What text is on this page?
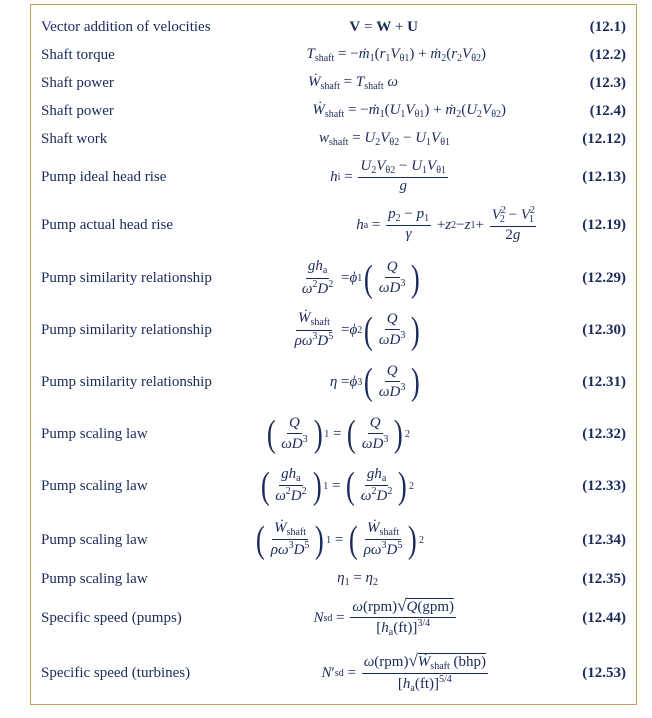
Vector addition of velocities	V = W + U	(12.1)
Shaft torque	$T_{shaft}$ = $-ṁ_1(r_1V_{\theta 1})$ + $ṁ_2(r_2V_{\theta 2})$	(12.2)
Shaft power	Ẇ$_{shaft}$ = $T_{shaft}$ ω	(12.3)
Shaft power	Ẇ$_{shaft}$ = $-ṁ_1(U_1V_{\theta 1})$ + $ṁ_2(U_2V_{\theta 2})$	(12.4)
Shaft work	$w_{shaft} = U_2V_{\theta 2} - U_1V_{\theta 1}$	(12.12)
Pump ideal head rise	h $i = \frac{U_2V_{\theta 2} - U_1V_{\theta 1}}{g}$	(12.13)
Pump actual head rise	h $a = \frac{p_2 - p_1}{\gamma} + z$ 2 − z $1 + \frac{V^2_2 - V^2_1}{2g}$	(12.19)
Pump similarity relationship	$\frac{gh_a}{\omega^2D^2} = \phi$ 1 ( $\frac{Q}{\omega D^3}$ )	(12.29)
Pump similarity relationship	$\frac{Ẇ_{shaft}}{\rho\omega^3D^5} = \phi$ 2 ( $\frac{Q}{\omega D^3}$ )	(12.30)
Pump similarity relationship	η = ϕ 3 ( $\frac{Q}{\omega D^3}$ )	(12.31)
Pump scaling law	( $\frac{Q}{\omega D^3}$ ) 1 = ( $\frac{Q}{\omega D^3}$ ) 2	(12.32)
Pump scaling law	( $\frac{gh_a}{\omega^2D^2}$ ) 1 = ( $\frac{gh_a}{\omega^2D^2}$ ) 2	(12.33)
Pump scaling law	( $\frac{Ẇ_{shaft}}{\rho\omega^3D^5}$ ) 1 = ( $\frac{Ẇ_{shaft}}{\rho\omega^3D^5}$ ) 2	(12.34)
Pump scaling law	$\eta_1 = \eta_2$	(12.35)
Specific speed (pumps)	N sd = $\frac{\text{ω(rpm)√Q(gpm)}}{[h_a(ft)]^{3/4}}$	(12.44)
Specific speed (turbines)	N ′ sd = $\frac{\omega(rpm)√Ẇ_{shaft} (bhp)}{[h_a(ft)]^{5/4}}$	(12.53)
